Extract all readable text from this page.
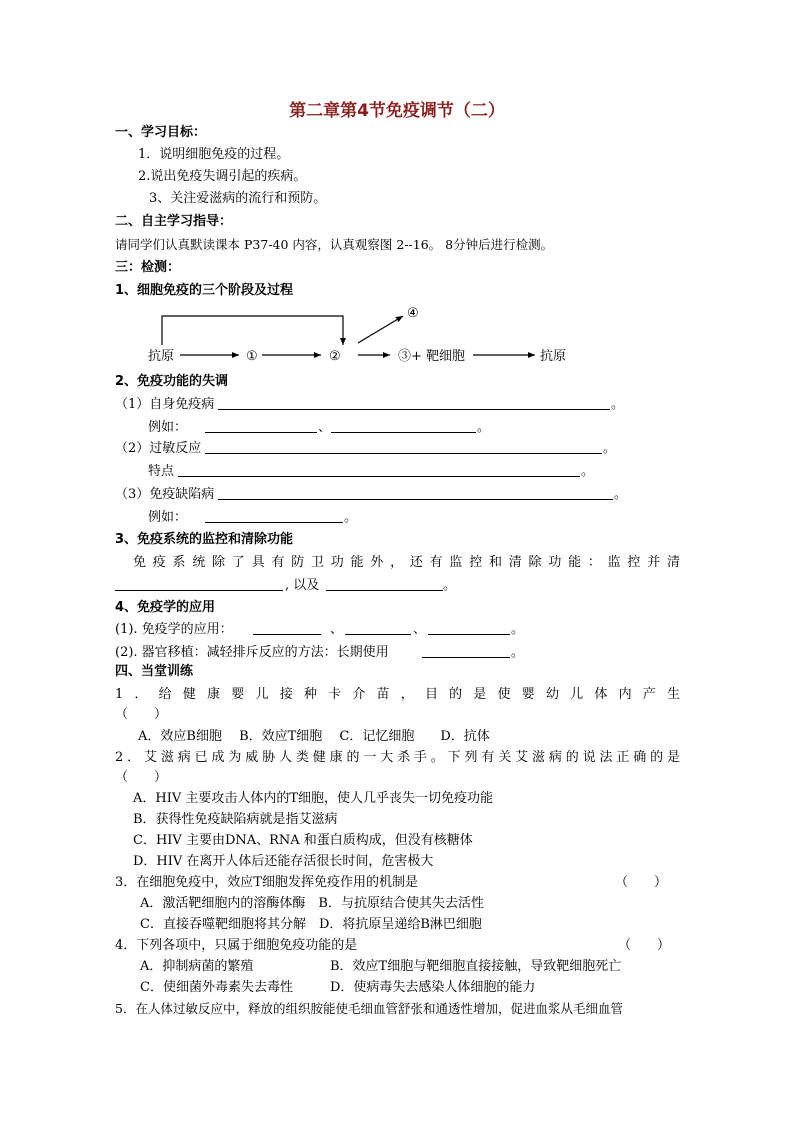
第二章第4节免疫调节（二）
一、学习目标：
1．说明细胞免疫的过程。
2.说出免疫失调引起的疾病。
3、关注爱滋病的流行和预防。
二、自主学习指导：
请同学们认真默读课本 P37-40 内容，认真观察图 2--16。 8分钟后进行检测。
三：检测：
1、细胞免疫的三个阶段及过程
抗原	①	②	③+ 靶细胞
④
抗原
2、免疫功能的失调
（1）自身免疫病	。
例如：	、	。
（2）过敏反应	。
特点	。
（3）免疫缺陷病	。
例如：	。
3、免疫系统的监控和清除功能
免疫系统除了具有防卫功能外，还有监控和清除功能：监控并清
, 以及	。
4、免疫学的应用
(1). 免疫学的应用：	、	、	。
(2). 器官移植：减轻排斥反应的方法：长期使用	。
四、当堂训练
1．给健康婴儿接种卡介苗，目的是使婴幼儿体内产生
（　　）
A．效应B细胞　 B．效应T细胞 　C．记忆细胞　　D．抗体
2．艾滋病已成为威胁人类健康的一大杀手。下列有关艾滋病的说法正确的是
（　　）
A．HIV 主要攻击人体内的T细胞，使人几乎丧失一切免疫功能
B．获得性免疫缺陷病就是指艾滋病
C．HIV 主要由DNA、RNA 和蛋白质构成，但没有核糖体
D．HIV 在离开人体后还能存活很长时间，危害极大
3．在细胞免疫中，效应T细胞发挥免疫作用的机制是	（　　）
A．激活靶细胞内的溶酶体酶　B．与抗原结合使其失去活性
C．直接吞噬靶细胞将其分解　D．将抗原呈递给B淋巴细胞
4．下列各项中，只属于细胞免疫功能的是	（　　）
A．抑制病菌的繁殖	B．效应T细胞与靶细胞直接接触，导致靶细胞死亡
C．使细菌外毒素失去毒性	D．使病毒失去感染人体细胞的能力
5．在人体过敏反应中，释放的组织胺能使毛细血管舒张和通透性增加，促进血浆从毛细血管
